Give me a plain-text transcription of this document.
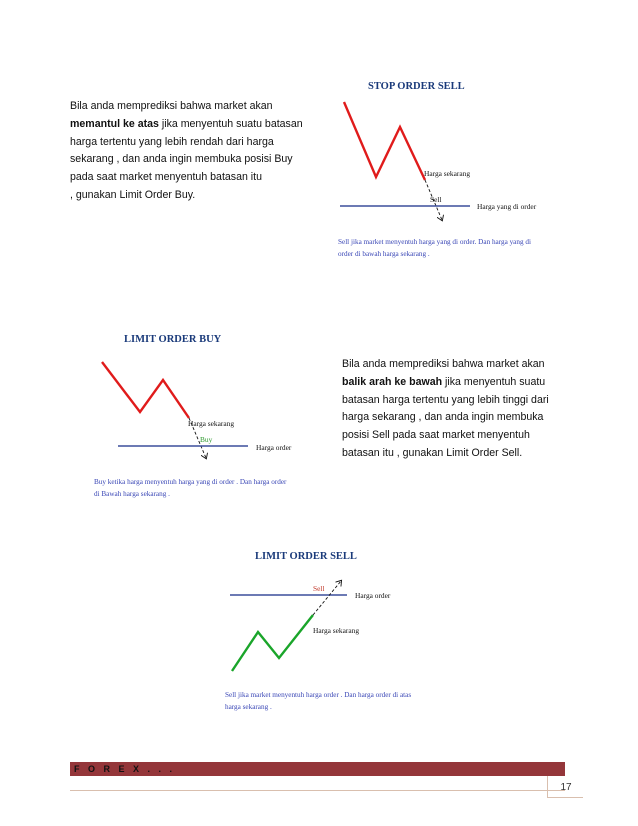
Bila anda memprediksi bahwa market akan
memantul ke atas jika menyentuh suatu batasan
harga tertentu yang lebih rendah dari harga
sekarang , dan anda ingin membuka posisi Buy
pada saat market menyentuh batasan itu
, gunakan Limit Order Buy.
STOP ORDER SELL
Harga sekarang
Sell
Harga yang di order
Sell jika market menyentuh harga yang di order. Dan harga yang di
order di bawah harga sekarang .
LIMIT ORDER BUY
Harga sekarang
Buy
Harga order
Buy ketika harga menyentuh harga yang di order . Dan harga order
di Bawah harga sekarang .
Bila anda memprediksi bahwa market akan
balik arah ke bawah jika menyentuh suatu
batasan harga tertentu yang lebih tinggi dari
harga sekarang , dan anda ingin membuka
posisi Sell pada saat market menyentuh
batasan itu , gunakan Limit Order Sell.
LIMIT ORDER SELL
Sell
Harga order
Harga sekarang
Sell jika market menyentuh harga order . Dan harga order di atas
harga sekarang .
F O R E X . . .
17
